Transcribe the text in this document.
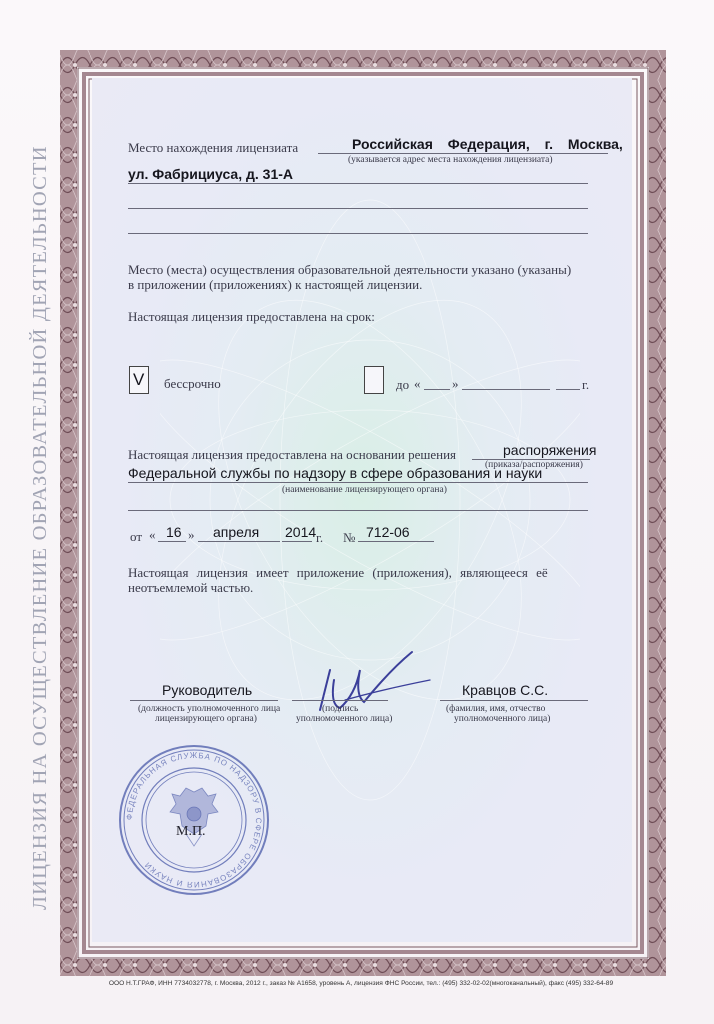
ЛИЦЕНЗИЯ НА ОСУЩЕСТВЛЕНИЕ ОБРАЗОВАТЕЛЬНОЙ ДЕЯТЕЛЬНОСТИ	Место нахождения лицензиата	Российская Федерация, г. Москва,
(указывается адрес места нахождения лицензиата)
ул. Фабрициуса, д. 31-А
Место (места) осуществления образовательной деятельности указано (указаны)
в приложении (приложениях) к настоящей лицензии.
Настоящая лицензия предоставлена на срок:
V бессрочно	до « »	г.
Настоящая лицензия предоставлена на основании решения	распоряжения
(приказа/распоряжения)
Федеральной службы по надзору в сфере образования и науки
(наименование лицензирующего органа)
от « 16 » апреля 2014 г. № 712-06
Настоящая лицензия имеет приложение (приложения), являющееся её
неотъемлемой частью.
Руководитель
(должность уполномоченного лица
лицензирующего органа)
(подпись
уполномоченного лица)
Кравцов С.С.
(фамилия, имя, отчество
уполномоченного лица)
ФЕДЕРАЛЬНАЯ СЛУЖБА ПО НАДЗОРУ В СФЕРЕ ОБРАЗОВАНИЯ И НАУКИ
М.П.
ООО Н.Т.ГРАФ, ИНН 7734032778, г. Москва, 2012 г., заказ № А1658, уровень А, лицензия ФНС России, тел.: (495) 332-02-02(многоканальный), факс (495) 332-64-89
